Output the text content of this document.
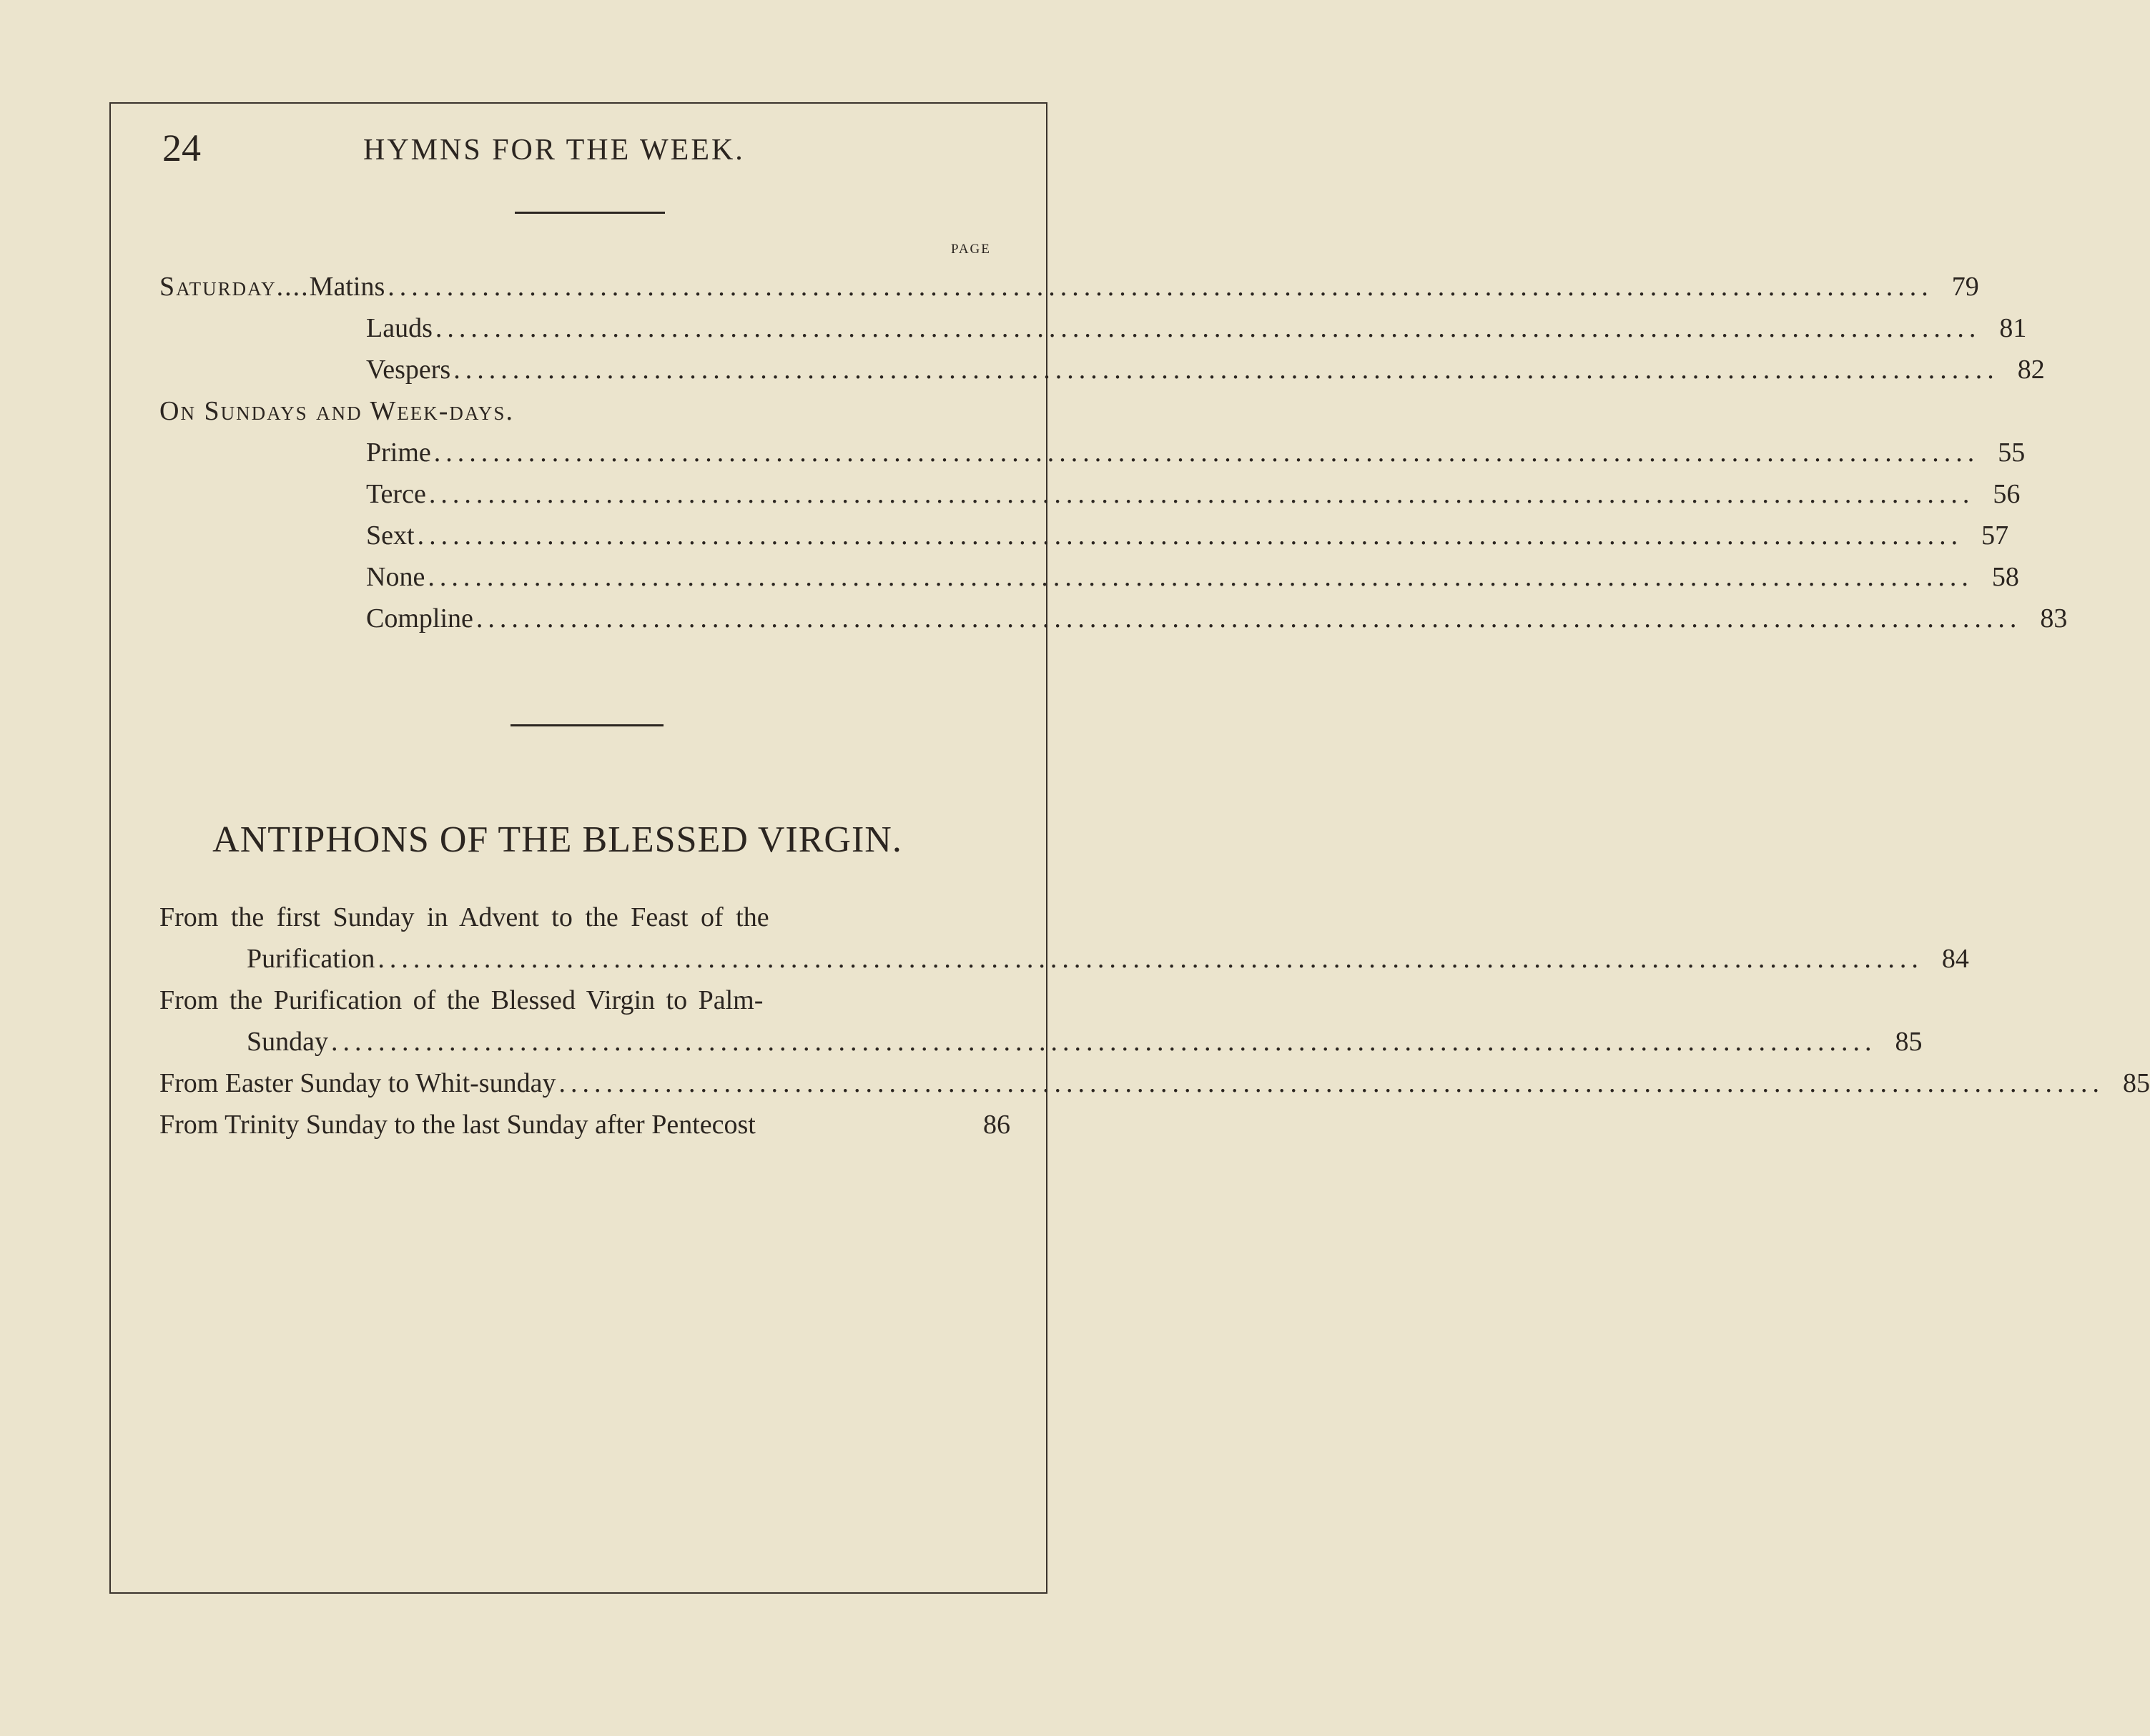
24	HYMNS FOR THE WEEK.
PAGE
Saturday.... Matins ................................................................................................................................... 79
Lauds ................................................................................................................................... 81
Vespers ................................................................................................................................... 82
On Sundays and Week-days.
Prime ................................................................................................................................... 55
Terce ................................................................................................................................... 56
Sext ................................................................................................................................... 57
None ................................................................................................................................... 58
Compline ................................................................................................................................... 83
ANTIPHONS OF THE BLESSED VIRGIN.
From the first Sunday in Advent to the Feast of the
Purification ................................................................................................................................... 84
From the Purification of the Blessed Virgin to Palm-
Sunday ................................................................................................................................... 85
From Easter Sunday to Whit-sunday ................................................................................................................................... 85
From Trinity Sunday to the last Sunday after Pentecost	86
